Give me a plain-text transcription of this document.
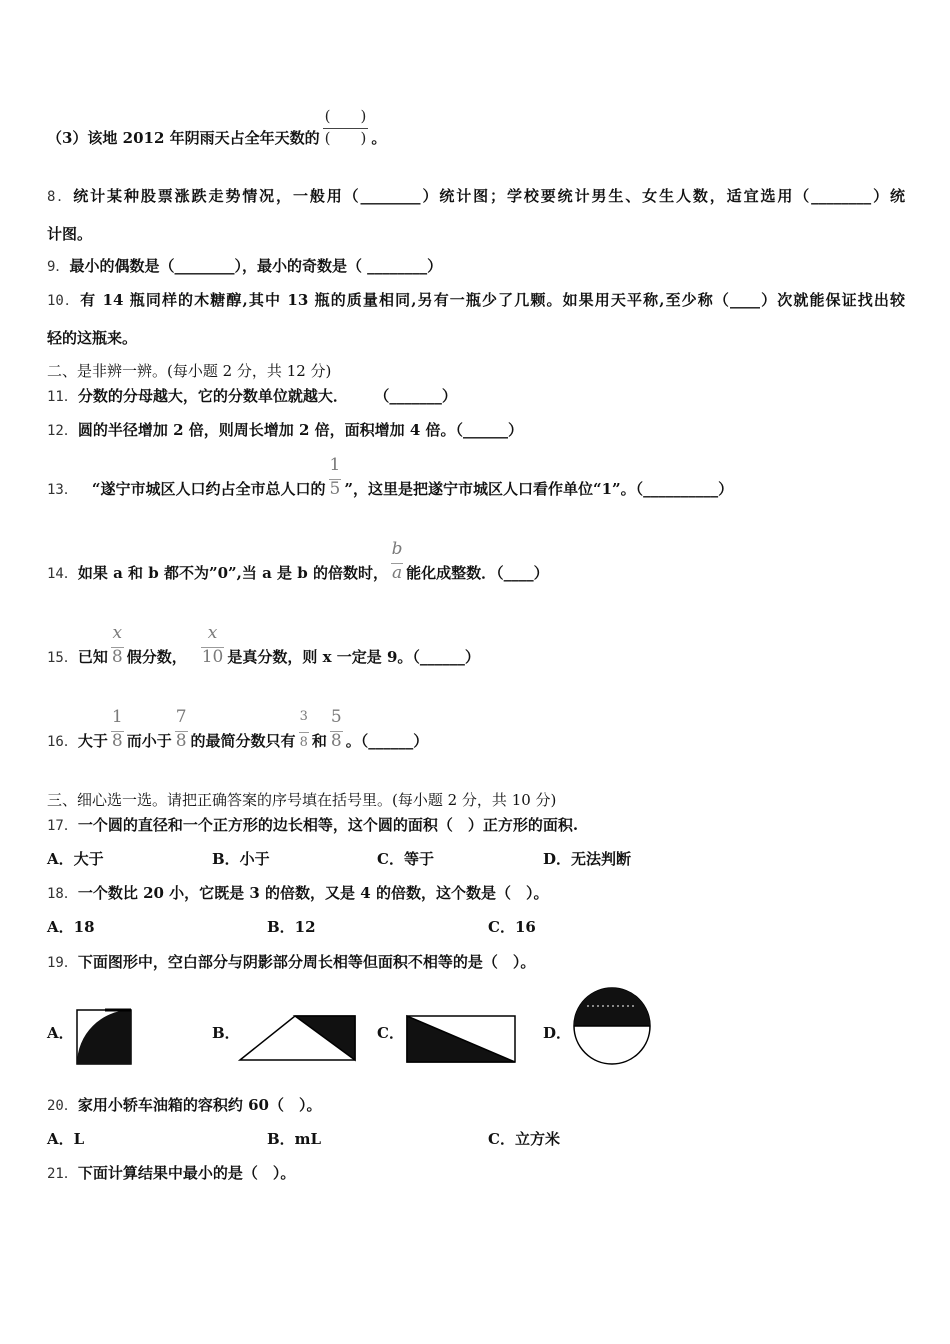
（3）该地 2012 年阴雨天占全年天数的 $\frac{( )}{( )}$ 。
8．统计某种股票涨跌走势情况，一般用（________）统计图；学校要统计男生、女生人数，适宜选用（________）统
计图。
9．最小的偶数是（________），最小的奇数是（ ________）
10．有 14 瓶同样的木糖醇,其中 13 瓶的质量相同,另有一瓶少了几颗。如果用天平称,至少称（____）次就能保证找出较
轻的这瓶来。
二、是非辨一辨。(每小题 2 分，共 12 分)
11．分数的分母越大，它的分数单位就越大． （_______）
12．圆的半径增加 2 倍，则周长增加 2 倍，面积增加 4 倍。（______）
13． “遂宁市城区人口约占全市总人口的 $\frac{1}{5}$ ”，这里是把遂宁市城区人口看作单位“1”。（__________）
14．如果 a 和 b 都不为”0”,当 a 是 b 的倍数时， $\frac{b}{a}$ 能化成整数．（____）
15．已知 $\frac{x}{8}$ 假分数， $\frac{x}{10}$ 是真分数，则 x 一定是 9。（______）
16．大于 $\frac{1}{8}$ 而小于 $\frac{7}{8}$ 的最简分数只有 $\frac{3}{8}$ 和 $\frac{5}{8}$ 。（______）
三、细心选一选。请把正确答案的序号填在括号里。(每小题 2 分，共 10 分)
17．一个圆的直径和一个正方形的边长相等，这个圆的面积（　）正方形的面积.
A．大于	B．小于	C．等于	D．无法判断
18．一个数比 20 小，它既是 3 的倍数，又是 4 的倍数，这个数是（　）。
A．18	B．12	C．16
19．下面图形中，空白部分与阴影部分周长相等但面积不相等的是（　）。
A．	B．	C．	D．
20．家用小轿车油箱的容积约 60（　）。
A．L	B．mL	C．立方米
21．下面计算结果中最小的是（　）。
